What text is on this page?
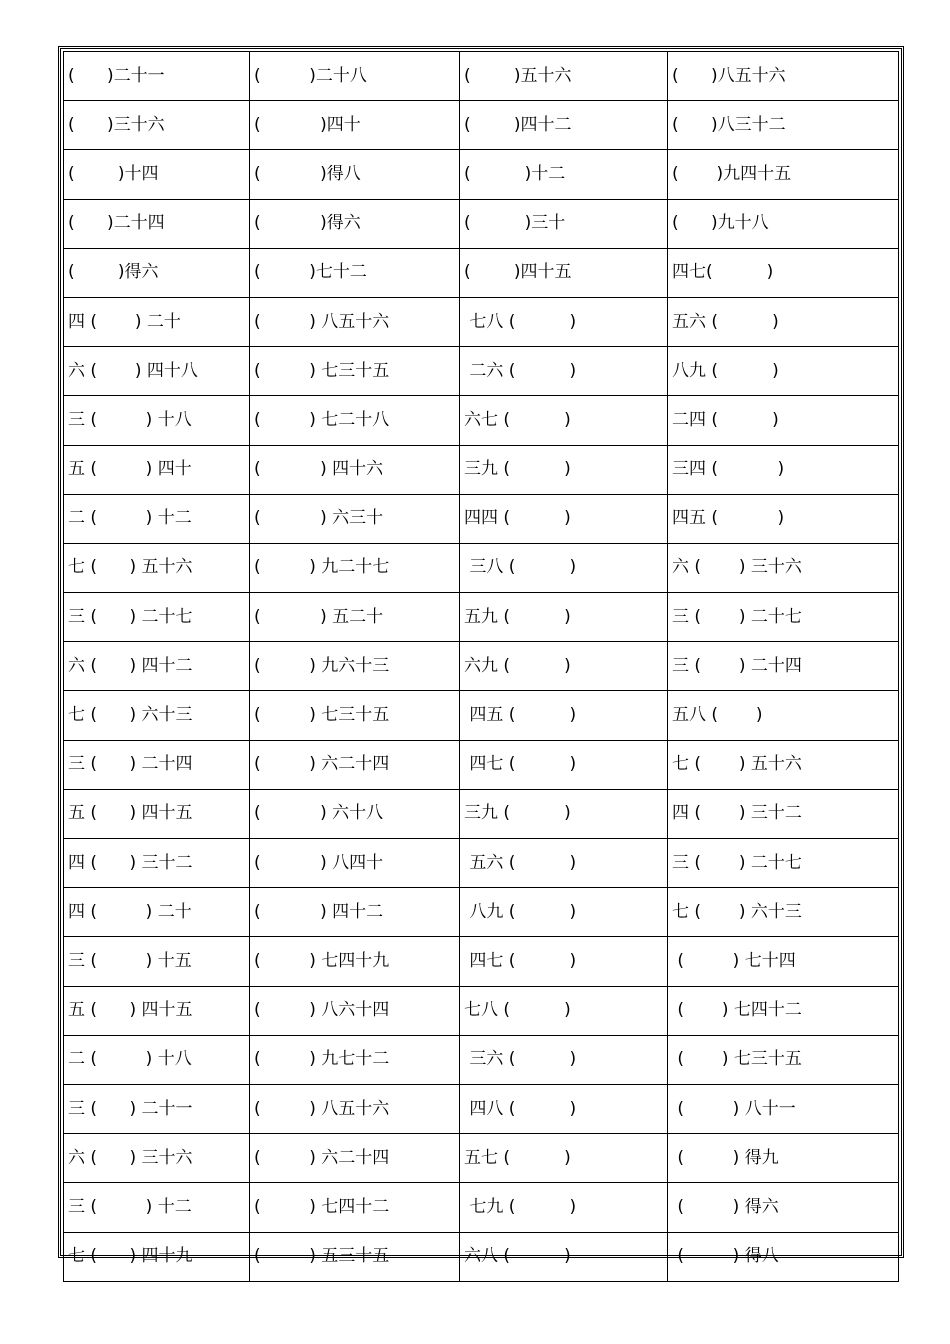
(      )二十一	(         )二十八	(        )五十六	(      )八五十六
(      )三十六	(           )四十	(        )四十二	(      )八三十二
(        )十四	(           )得八	(          )十二	(       )九四十五
(      )二十四	(           )得六	(          )三十	(      )九十八
(        )得六	(         )七十二	(        )四十五	四七(          )
四 (       ) 二十	(         ) 八五十六	七八 (          )	五六 (          )
六 (       ) 四十八	(         ) 七三十五	二六 (          )	八九 (          )
三 (         ) 十八	(         ) 七二十八	六七 (          )	二四 (          )
五 (         ) 四十	(           ) 四十六	三九 (          )	三四 (           )
二 (         ) 十二	(           ) 六三十	四四 (          )	四五 (           )
七 (      ) 五十六	(         ) 九二十七	三八 (          )	六 (       ) 三十六
三 (      ) 二十七	(           ) 五二十	五九 (          )	三 (       ) 二十七
六 (      ) 四十二	(         ) 九六十三	六九 (          )	三 (       ) 二十四
七 (      ) 六十三	(         ) 七三十五	四五 (          )	五八 (       )
三 (      ) 二十四	(         ) 六二十四	四七 (          )	七 (       ) 五十六
五 (      ) 四十五	(           ) 六十八	三九 (          )	四 (       ) 三十二
四 (      ) 三十二	(           ) 八四十	五六 (          )	三 (       ) 二十七
四 (         ) 二十	(           ) 四十二	八九 (          )	七 (       ) 六十三
三 (         ) 十五	(         ) 七四十九	四七 (          )	(         ) 七十四
五 (      ) 四十五	(         ) 八六十四	七八 (          )	(       ) 七四十二
二 (         ) 十八	(         ) 九七十二	三六 (          )	(       ) 七三十五
三 (      ) 二十一	(         ) 八五十六	四八 (          )	(         ) 八十一
六 (      ) 三十六	(         ) 六二十四	五七 (          )	(         ) 得九
三 (         ) 十二	(         ) 七四十二	七九 (          )	(         ) 得六
七 (      ) 四十九	(         ) 五三十五	六八 (          )	(         ) 得八
